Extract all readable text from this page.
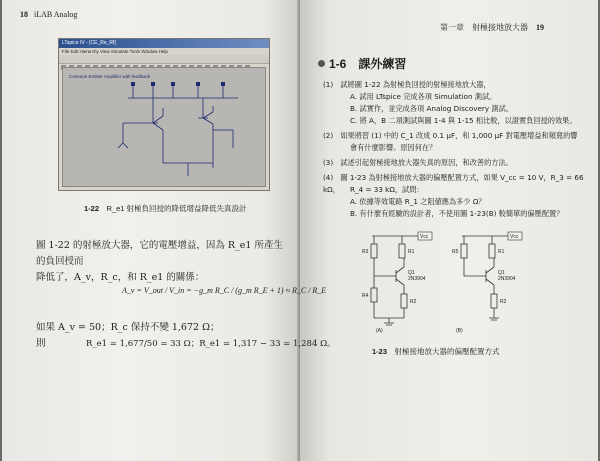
18 iLAB Analog
LTspice IV - [CE_Re_Rf]
File Edit Hierarchy View Simulate Tools Window Help
Common Emitter Amplifier with feedback
1-22　 R_e1 射極負回授的降低增益降低失真設計
圖 1-22 的射極放大器，它的電壓增益，因為 R_e1 所產生的負回授而
降低了，A_v，R_c，和 R_e1 的關係：
A_v = V_out / V_in = −g_m R_C / (g_m R_E + 1) ≈ R_C / R_E
如果 A_v = 50；R_c 保持不變 1,672 Ω；
則	R_e1 = 1,677/50 = 33 Ω；R_e1 = 1,317 − 33 = 1,284 Ω。
第一章　射極接地放大器 19
1-6　課外練習
(1)　試將圖 1-22 為射極負回授的射極接地放大器，
A. 試用 LTspice 完成各項 Simulation 測試。
B. 試實作，並完成各項 Analog Discovery 測試。
C. 將 A，B 二項測試與圖 1-4 與 1-15 相比較，以證實負回授的效果。
(2)　如果將習 (1) 中的 C_1 改成 0.1 μF，和 1,000 μF 對電壓增益和頻寬的響
會有什麼影響。原因何在？
(3)　試述引起射極接地放大器失真的原因，和改善的方法。
(4)　圖 1-23 為射極接地放大器的偏壓配置方式，如果 V_cc = 10 V，R_3 = 66 kΩ，	R_4 = 33 kΩ，試問：
A. 依據等效電路 R_1 之阻値應為多少 Ω？
B. 有什麼有經驗的設計者，不使用圖 1-23(B) 較簡單的偏壓配置？
Vcc
R3	R1
Q1
2N3904
R4
R2
(A)
Vcc
R5	R1
Q1
2N3904
R2
(B)
1-23　 射極接地放大器的偏壓配置方式
